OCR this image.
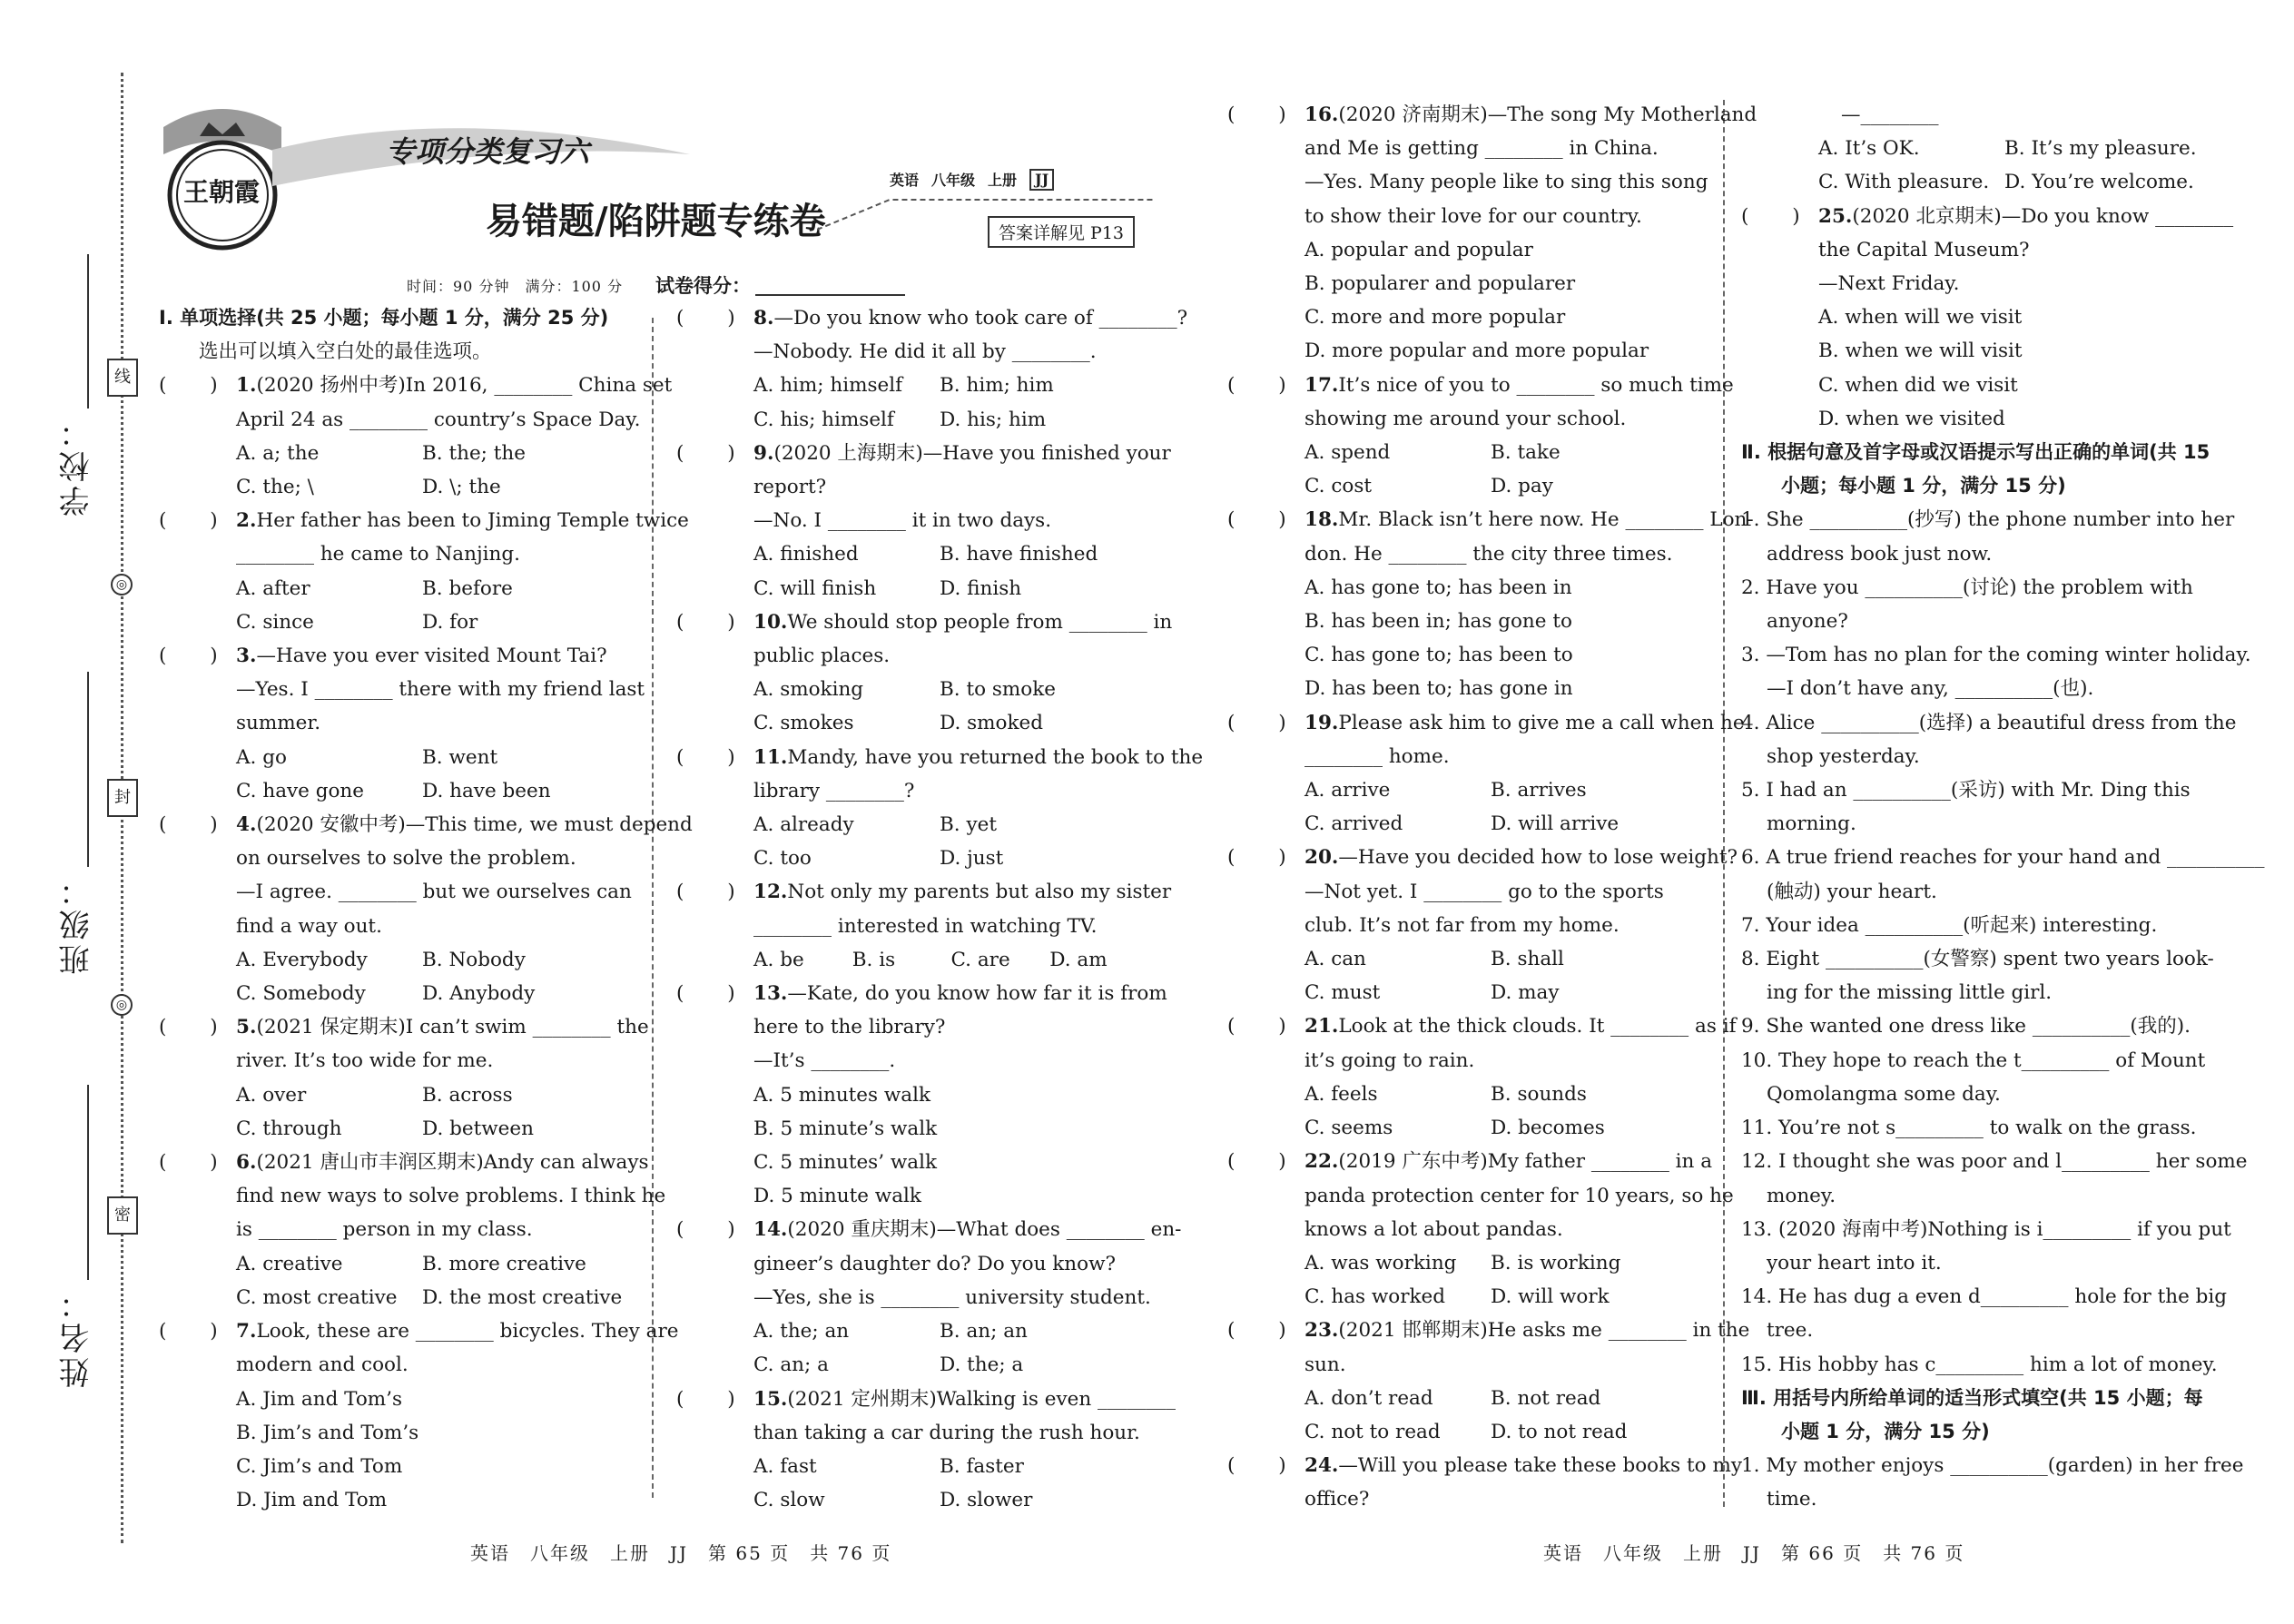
学校：
班级：
姓名：
线
◎
封
◎
密
王朝霞
专项分类复习六
易错题/陷阱题专练卷
英语 八年级 上册	JJ
答案详解见 P13
时间：90 分钟　满分：100 分 试卷得分：

Ⅰ. 单项选择(共 25 小题；每小题 1 分，满分 25 分)

选出可以填入空白处的最佳选项。

(       ) 1.(2020 扬州中考)In 2016, ________ China set

April 24 as ________ country’s Space Day.

A. a; the	B. the; the

C. the; \	D. \; the

(       ) 2.Her father has been to Jiming Temple twice

________ he came to Nanjing.

A. after	B. before

C. since	D. for

(       ) 3.—Have you ever visited Mount Tai?

—Yes. I ________ there with my friend last

summer.

A. go	B. went

C. have gone	D. have been

(       ) 4.(2020 安徽中考)—This time, we must depend

on ourselves to solve the problem.

—I agree. ________ but we ourselves can

find a way out.

A. Everybody	B. Nobody

C. Somebody	D. Anybody

(       ) 5.(2021 保定期末)I can’t swim ________ the

river. It’s too wide for me.

A. over	B. across

C. through	D. between

(       ) 6.(2021 唐山市丰润区期末)Andy can always

find new ways to solve problems. I think he

is ________ person in my class.

A. creative	B. more creative

C. most creative	D. the most creative

(       ) 7.Look, these are ________ bicycles. They are

modern and cool.

A. Jim and Tom’s

B. Jim’s and Tom’s

C. Jim’s and Tom

D. Jim and Tom

(       ) 8.—Do you know who took care of ________?

—Nobody. He did it all by ________.

A. him; himself	B. him; him

C. his; himself	D. his; him

(       ) 9.(2020 上海期末)—Have you finished your

report?

—No. I ________ it in two days.

A. finished	B. have finished

C. will finish	D. finish

(       ) 10.We should stop people from ________ in

public places.

A. smoking	B. to smoke

C. smokes	D. smoked

(       ) 11.Mandy, have you returned the book to the

library ________?

A. already	B. yet

C. too	D. just

(       ) 12.Not only my parents but also my sister

________ interested in watching TV.

A. be	B. is	C. are	D. am

(       ) 13.—Kate, do you know how far it is from

here to the library?

—It’s ________.

A. 5 minutes walk

B. 5 minute’s walk

C. 5 minutes’ walk

D. 5 minute walk

(       ) 14.(2020 重庆期末)—What does ________ en-

gineer’s daughter do? Do you know?

—Yes, she is ________ university student.

A. the; an	B. an; an

C. an; a	D. the; a

(       ) 15.(2021 定州期末)Walking is even ________

than taking a car during the rush hour.

A. fast	B. faster

C. slow	D. slower

(       ) 16.(2020 济南期末)—The song My Motherland

and Me is getting ________ in China.

—Yes. Many people like to sing this song

to show their love for our country.

A. popular and popular

B. popularer and popularer

C. more and more popular

D. more popular and more popular

(       ) 17.It’s nice of you to ________ so much time

showing me around your school.

A. spend	B. take

C. cost	D. pay

(       ) 18.Mr. Black isn’t here now. He ________ Lon-

don. He ________ the city three times.

A. has gone to; has been in

B. has been in; has gone to

C. has gone to; has been to

D. has been to; has gone in

(       ) 19.Please ask him to give me a call when he

________ home.

A. arrive	B. arrives

C. arrived	D. will arrive

(       ) 20.—Have you decided how to lose weight?

—Not yet. I ________ go to the sports

club. It’s not far from my home.

A. can	B. shall

C. must	D. may

(       ) 21.Look at the thick clouds. It ________ as if

it’s going to rain.

A. feels	B. sounds

C. seems	D. becomes

(       ) 22.(2019 广东中考)My father ________ in a

panda protection center for 10 years, so he

knows a lot about pandas.

A. was working	B. is working

C. has worked	D. will work

(       ) 23.(2021 邯郸期末)He asks me ________ in the

sun.

A. don’t read	B. not read

C. not to read	D. to not read

(       ) 24.—Will you please take these books to my

office?

—________

A. It’s OK.	B. It’s my pleasure.

C. With pleasure. D. You’re welcome.

(       ) 25.(2020 北京期末)—Do you know ________

the Capital Museum?

—Next Friday.

A. when will we visit

B. when we will visit

C. when did we visit

D. when we visited

Ⅱ. 根据句意及首字母或汉语提示写出正确的单词(共 15

小题；每小题 1 分，满分 15 分)

1. She __________(抄写) the phone number into her

address book just now.

2. Have you __________(讨论) the problem with

anyone?

3. —Tom has no plan for the coming winter holiday.

—I don’t have any, __________(也).

4. Alice __________(选择) a beautiful dress from the

shop yesterday.

5. I had an __________(采访) with Mr. Ding this

morning.

6. A true friend reaches for your hand and __________

(触动) your heart.

7. Your idea __________(听起来) interesting.

8. Eight __________(女警察) spent two years look-

ing for the missing little girl.

9. She wanted one dress like __________(我的).

10. They hope to reach the t_________ of Mount

Qomolangma some day.

11. You’re not s_________ to walk on the grass.

12. I thought she was poor and l_________ her some

money.

13. (2020 海南中考)Nothing is i_________ if you put

your heart into it.

14. He has dug a even d_________ hole for the big

tree.

15. His hobby has c_________ him a lot of money.

Ⅲ. 用括号内所给单词的适当形式填空(共 15 小题；每

小题 1 分，满分 15 分)

1. My mother enjoys __________(garden) in her free

time.

英语　八年级　上册　JJ　第 65 页　共 76 页	英语　八年级　上册　JJ　第 66 页　共 76 页
